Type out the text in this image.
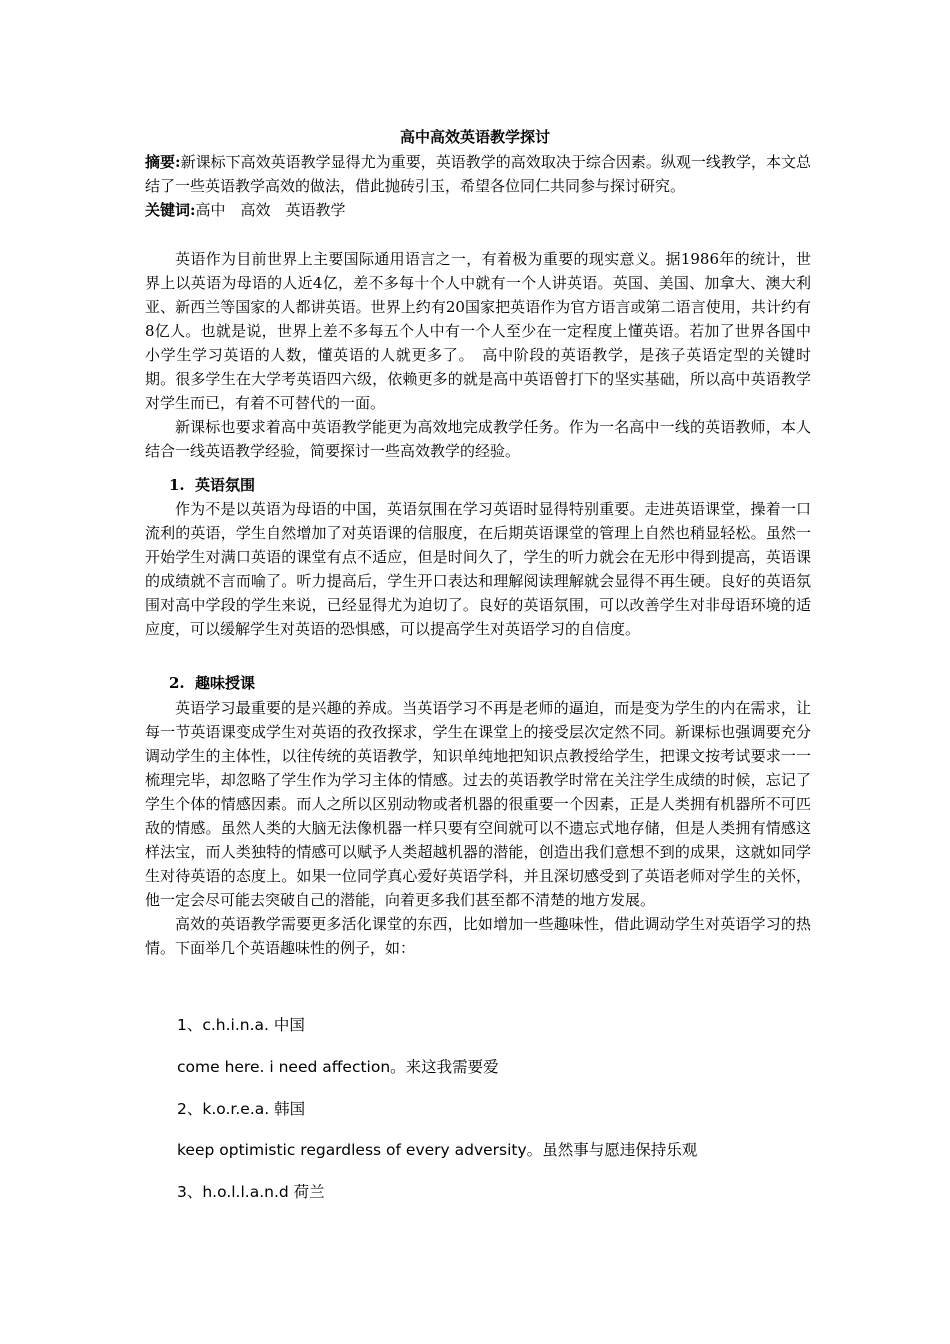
高中高效英语教学探讨
摘要:新课标下高效英语教学显得尤为重要，英语教学的高效取决于综合因素。纵观一线教学，本文总结了一些英语教学高效的做法，借此抛砖引玉，希望各位同仁共同参与探讨研究。
关键词:高中　高效　英语教学

英语作为目前世界上主要国际通用语言之一，有着极为重要的现实意义。据1986年的统计，世界上以英语为母语的人近4亿，差不多每十个人中就有一个人讲英语。英国、美国、加拿大、澳大利亚、新西兰等国家的人都讲英语。世界上约有20国家把英语作为官方语言或第二语言使用，共计约有8亿人。也就是说，世界上差不多每五个人中有一个人至少在一定程度上懂英语。若加了世界各国中小学生学习英语的人数，懂英语的人就更多了。　高中阶段的英语教学，是孩子英语定型的关键时期。很多学生在大学考英语四六级，依赖更多的就是高中英语曾打下的坚实基础，所以高中英语教学对学生而已，有着不可替代的一面。

新课标也要求着高中英语教学能更为高效地完成教学任务。作为一名高中一线的英语教师，本人结合一线英语教学经验，简要探讨一些高效教学的经验。

1. 英语氛围

作为不是以英语为母语的中国，英语氛围在学习英语时显得特别重要。走进英语课堂，操着一口流利的英语，学生自然增加了对英语课的信服度，在后期英语课堂的管理上自然也稍显轻松。虽然一开始学生对满口英语的课堂有点不适应，但是时间久了，学生的听力就会在无形中得到提高，英语课的成绩就不言而喻了。听力提高后，学生开口表达和理解阅读理解就会显得不再生硬。良好的英语氛围对高中学段的学生来说，已经显得尤为迫切了。良好的英语氛围，可以改善学生对非母语环境的适应度，可以缓解学生对英语的恐惧感，可以提高学生对英语学习的自信度。

2. 趣味授课

英语学习最重要的是兴趣的养成。当英语学习不再是老师的逼迫，而是变为学生的内在需求，让每一节英语课变成学生对英语的孜孜探求，学生在课堂上的接受层次定然不同。新课标也强调要充分调动学生的主体性，以往传统的英语教学，知识单纯地把知识点教授给学生，把课文按考试要求一一梳理完毕，却忽略了学生作为学习主体的情感。过去的英语教学时常在关注学生成绩的时候，忘记了学生个体的情感因素。而人之所以区别动物或者机器的很重要一个因素，正是人类拥有机器所不可匹敌的情感。虽然人类的大脑无法像机器一样只要有空间就可以不遗忘式地存储，但是人类拥有情感这样法宝，而人类独特的情感可以赋予人类超越机器的潜能，创造出我们意想不到的成果，这就如同学生对待英语的态度上。如果一位同学真心爱好英语学科，并且深切感受到了英语老师对学生的关怀，他一定会尽可能去突破自己的潜能，向着更多我们甚至都不清楚的地方发展。

高效的英语教学需要更多活化课堂的东西，比如增加一些趣味性，借此调动学生对英语学习的热情。下面举几个英语趣味性的例子，如：

1、c.h.i.n.a. 中国
come here. i need affection。来这我需要爱
2、k.o.r.e.a. 韩国
keep optimistic regardless of every adversity。虽然事与愿违保持乐观
3、h.o.l.l.a.n.d 荷兰
